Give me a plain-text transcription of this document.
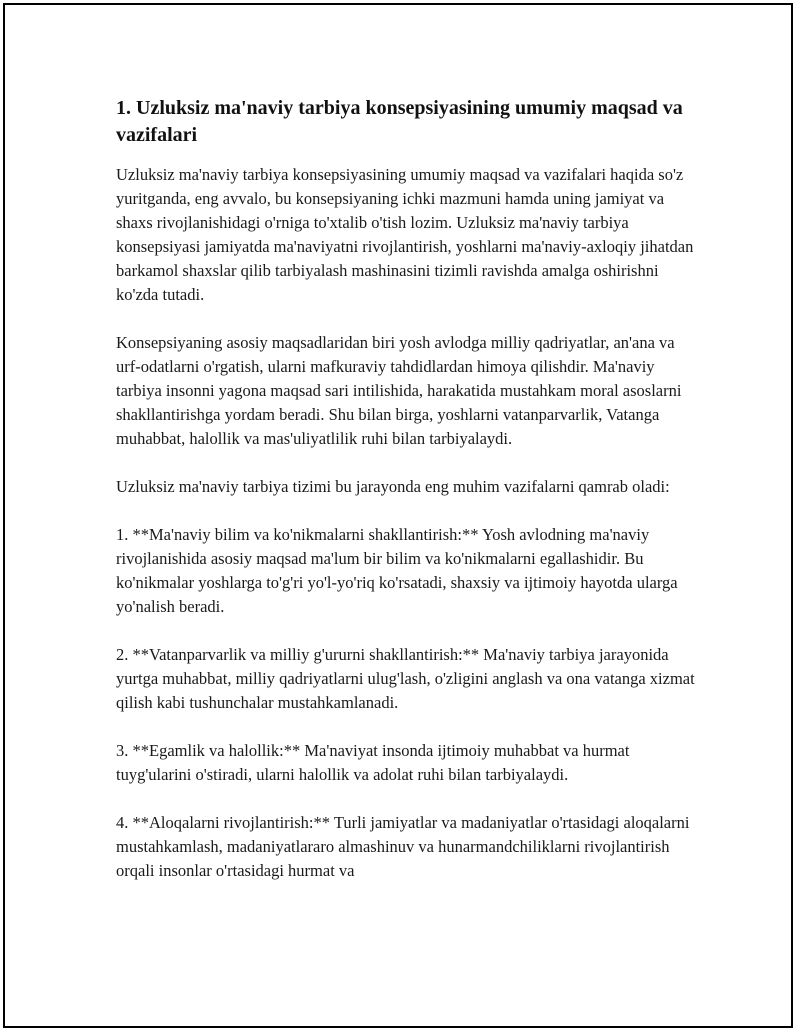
1. Uzluksiz ma'naviy tarbiya konsepsiyasining umumiy maqsad va vazifalari

Uzluksiz ma'naviy tarbiya konsepsiyasining umumiy maqsad va vazifalari haqida so'z yuritganda, eng avvalo, bu konsepsiyaning ichki mazmuni hamda uning jamiyat va shaxs rivojlanishidagi o'rniga to'xtalib o'tish lozim. Uzluksiz ma'naviy tarbiya konsepsiyasi jamiyatda ma'naviyatni rivojlantirish, yoshlarni ma'naviy-axloqiy jihatdan barkamol shaxslar qilib tarbiyalash mashinasini tizimli ravishda amalga oshirishni ko'zda tutadi.

Konsepsiyaning asosiy maqsadlaridan biri yosh avlodga milliy qadriyatlar, an'ana va urf-odatlarni o'rgatish, ularni mafkuraviy tahdidlardan himoya qilishdir. Ma'naviy tarbiya insonni yagona maqsad sari intilishida, harakatida mustahkam moral asoslarni shakllantirishga yordam beradi. Shu bilan birga, yoshlarni vatanparvarlik, Vatanga muhabbat, halollik va mas'uliyatlilik ruhi bilan tarbiyalaydi.

Uzluksiz ma'naviy tarbiya tizimi bu jarayonda eng muhim vazifalarni qamrab oladi:

1. **Ma'naviy bilim va ko'nikmalarni shakllantirish:** Yosh avlodning ma'naviy rivojlanishida asosiy maqsad ma'lum bir bilim va ko'nikmalarni egallashidir. Bu ko'nikmalar yoshlarga to'g'ri yo'l-yo'riq ko'rsatadi, shaxsiy va ijtimoiy hayotda ularga yo'nalish beradi.

2. **Vatanparvarlik va milliy g'ururni shakllantirish:** Ma'naviy tarbiya jarayonida yurtga muhabbat, milliy qadriyatlarni ulug'lash, o'zligini anglash va ona vatanga xizmat qilish kabi tushunchalar mustahkamlanadi.

3. **Egamlik va halollik:** Ma'naviyat insonda ijtimoiy muhabbat va hurmat tuyg'ularini o'stiradi, ularni halollik va adolat ruhi bilan tarbiyalaydi.

4. **Aloqalarni rivojlantirish:** Turli jamiyatlar va madaniyatlar o'rtasidagi aloqalarni mustahkamlash, madaniyatlararo almashinuv va hunarmandchiliklarni rivojlantirish orqali insonlar o'rtasidagi hurmat va
